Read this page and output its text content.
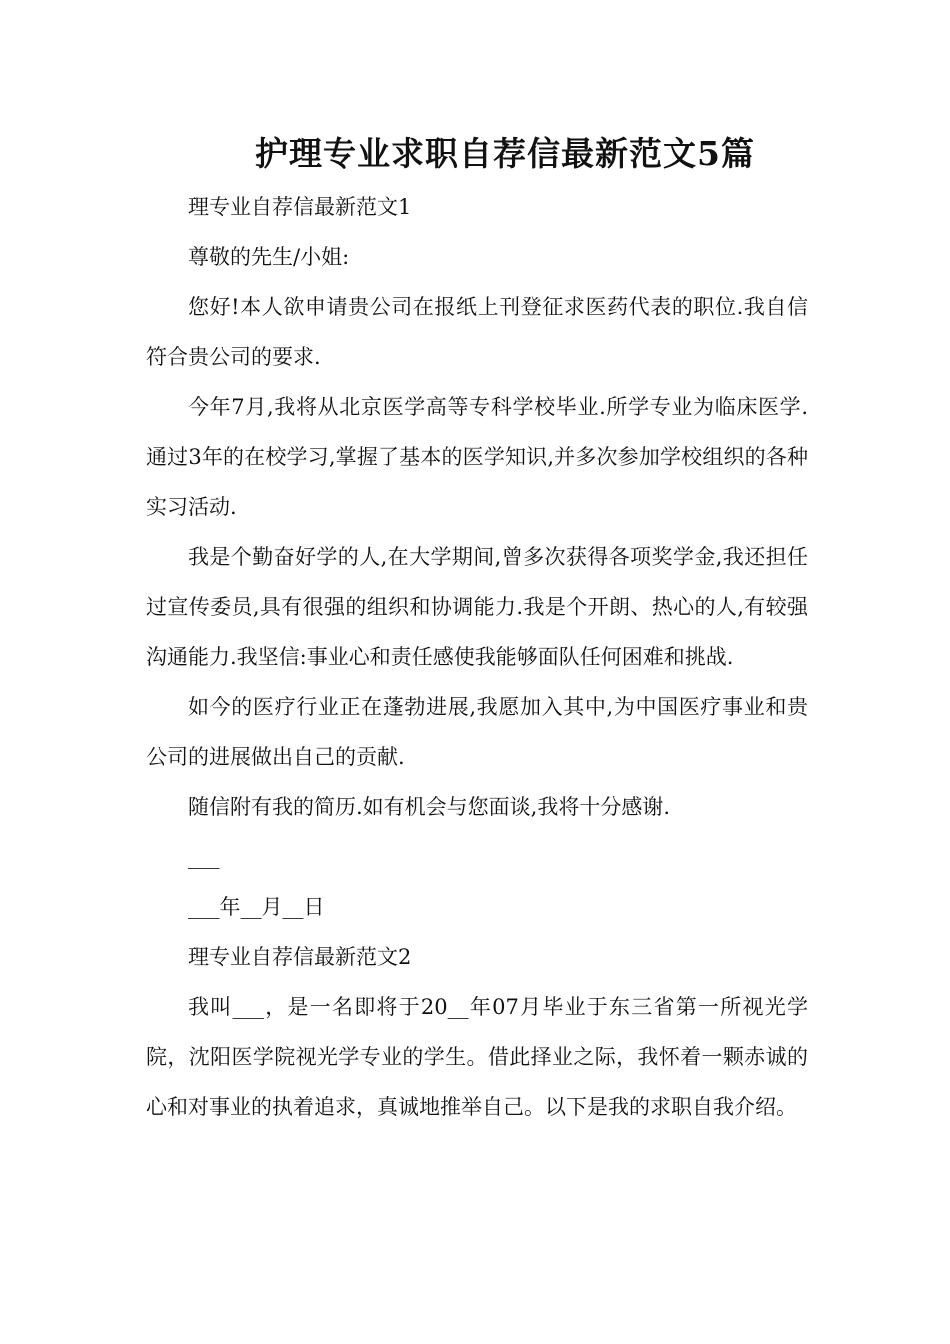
护理专业求职自荐信最新范文5篇

理专业自荐信最新范文1

尊敬的先生/小姐:

您好!本人欲申请贵公司在报纸上刊登征求医药代表的职位.我自信符合贵公司的要求.

今年7月,我将从北京医学高等专科学校毕业.所学专业为临床医学.通过3年的在校学习,掌握了基本的医学知识,并多次参加学校组织的各种实习活动.

我是个勤奋好学的人,在大学期间,曾多次获得各项奖学金,我还担任过宣传委员,具有很强的组织和协调能力.我是个开朗、热心的人,有较强沟通能力.我坚信:事业心和责任感使我能够面队任何困难和挑战.

如今的医疗行业正在蓬勃进展,我愿加入其中,为中国医疗事业和贵公司的进展做出自己的贡献.

随信附有我的简历.如有机会与您面谈,我将十分感谢.

___

___年__月__日

理专业自荐信最新范文2

我叫___，是一名即将于20__年07月毕业于东三省第一所视光学院，沈阳医学院视光学专业的学生。借此择业之际，我怀着一颗赤诚的心和对事业的执着追求，真诚地推举自己。以下是我的求职自我介绍。
